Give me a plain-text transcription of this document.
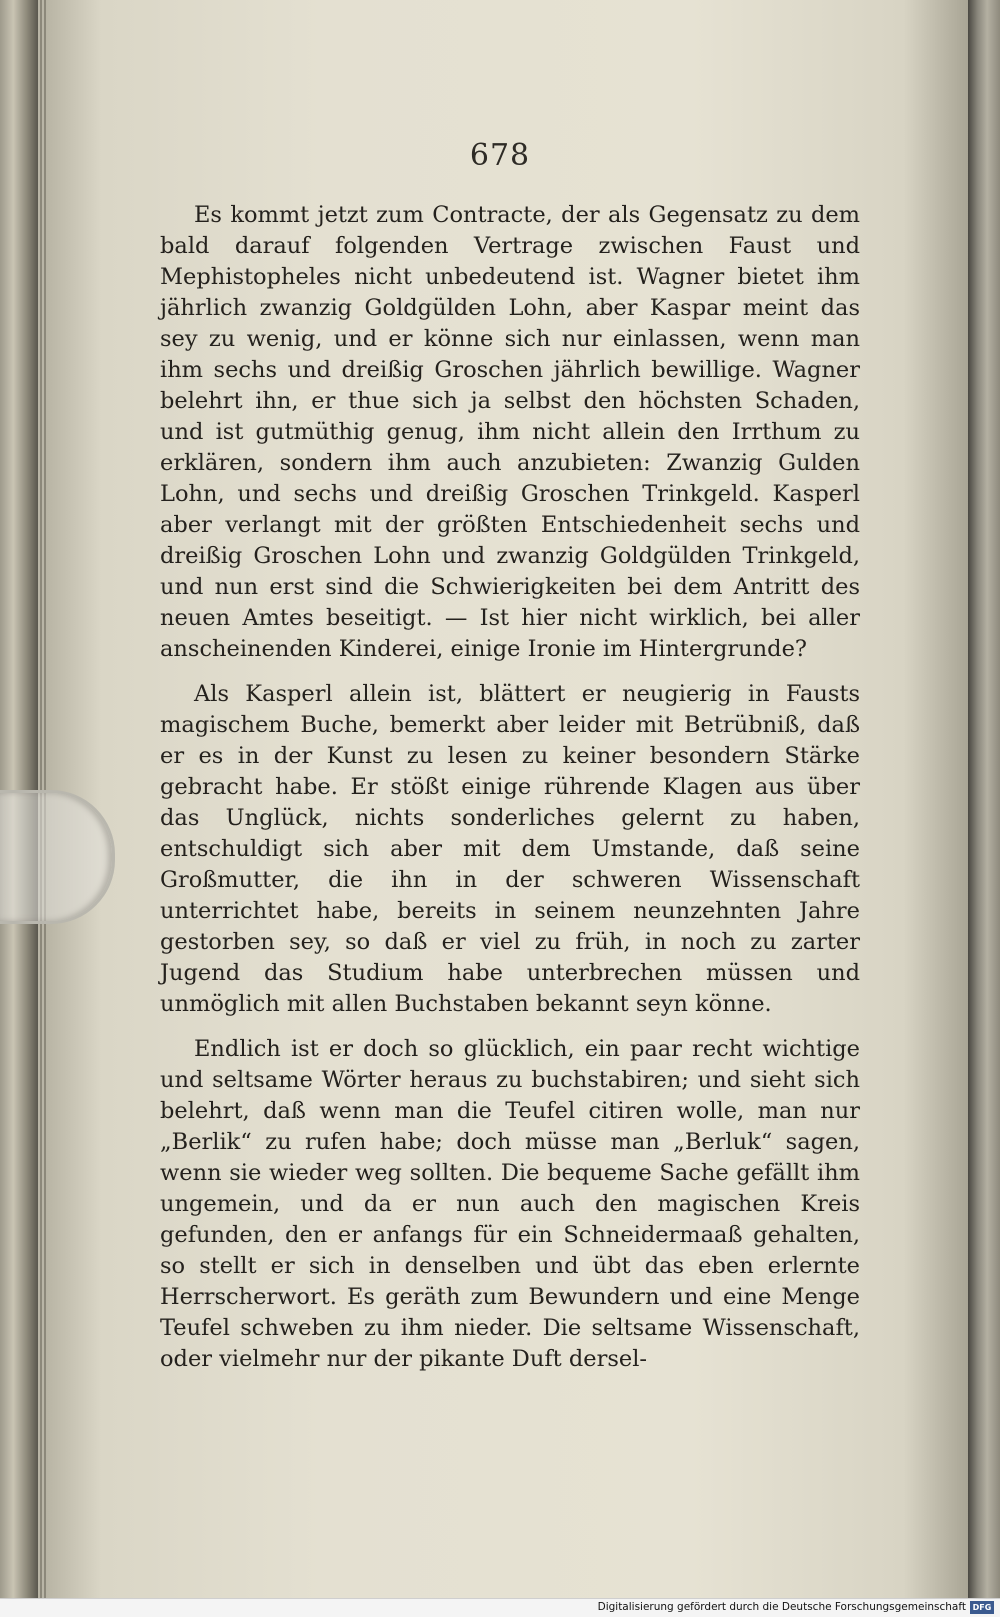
678

Es kommt jetzt zum Contracte, der als Gegensatz zu dem bald darauf folgenden Vertrage zwischen Faust und Mephistopheles nicht unbedeutend ist. Wagner bietet ihm jährlich zwanzig Goldgülden Lohn, aber Kaspar meint das sey zu wenig, und er könne sich nur einlassen, wenn man ihm sechs und dreißig Groschen jährlich bewillige. Wagner belehrt ihn, er thue sich ja selbst den höchsten Schaden, und ist gutmüthig genug, ihm nicht allein den Irrthum zu erklären, sondern ihm auch anzubieten: Zwanzig Gulden Lohn, und sechs und dreißig Groschen Trinkgeld. Kasperl aber verlangt mit der größten Entschiedenheit sechs und dreißig Groschen Lohn und zwanzig Goldgülden Trinkgeld, und nun erst sind die Schwierigkeiten bei dem Antritt des neuen Amtes beseitigt. — Ist hier nicht wirklich, bei aller anscheinenden Kinderei, einige Ironie im Hintergrunde?

Als Kasperl allein ist, blättert er neugierig in Fausts magischem Buche, bemerkt aber leider mit Betrübniß, daß er es in der Kunst zu lesen zu keiner besondern Stärke gebracht habe. Er stößt einige rührende Klagen aus über das Unglück, nichts sonderliches gelernt zu haben, entschuldigt sich aber mit dem Umstande, daß seine Großmutter, die ihn in der schweren Wissenschaft unterrichtet habe, bereits in seinem neunzehnten Jahre gestorben sey, so daß er viel zu früh, in noch zu zarter Jugend das Studium habe unterbrechen müssen und unmöglich mit allen Buchstaben bekannt seyn könne.

Endlich ist er doch so glücklich, ein paar recht wichtige und seltsame Wörter heraus zu buchstabiren; und sieht sich belehrt, daß wenn man die Teufel citiren wolle, man nur „Berlik“ zu rufen habe; doch müsse man „Berluk“ sagen, wenn sie wieder weg sollten. Die bequeme Sache gefällt ihm ungemein, und da er nun auch den magischen Kreis gefunden, den er anfangs für ein Schneidermaaß gehalten, so stellt er sich in denselben und übt das eben erlernte Herrscherwort. Es geräth zum Bewundern und eine Menge Teufel schweben zu ihm nieder. Die seltsame Wissenschaft, oder vielmehr nur der pikante Duft dersel-

Digitalisierung gefördert durch die Deutsche Forschungsgemeinschaft DFG
